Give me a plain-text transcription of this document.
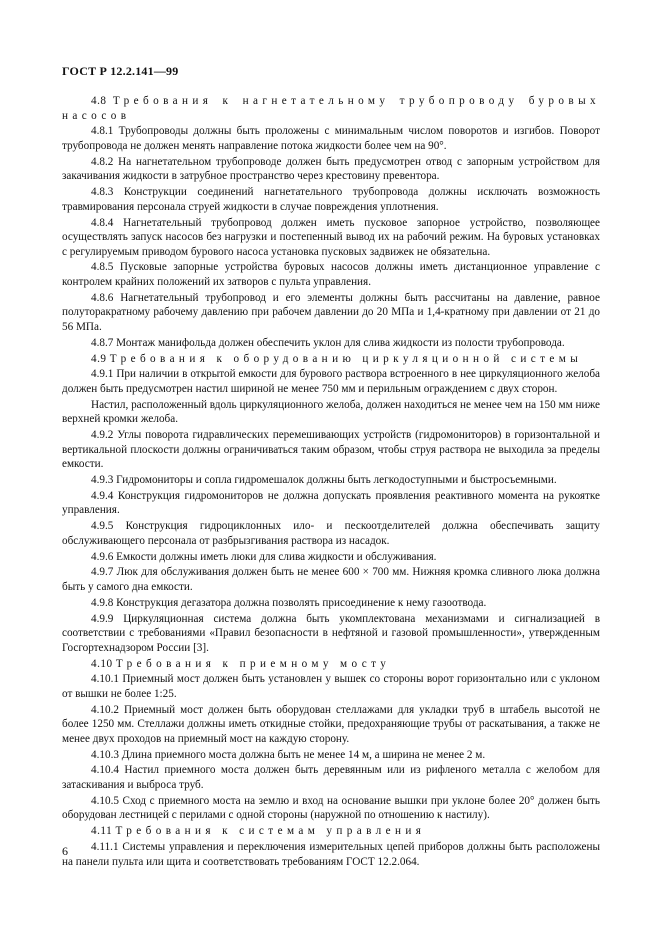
ГОСТ Р 12.2.141—99

4.8 Требования к нагнетательному трубопроводу буровых насосов

4.8.1 Трубопроводы должны быть проложены с минимальным числом поворотов и изгибов. Поворот трубопровода не должен менять направление потока жидкости более чем на 90°.

4.8.2 На нагнетательном трубопроводе должен быть предусмотрен отвод с запорным устройством для закачивания жидкости в затрубное пространство через крестовину превентора.

4.8.3 Конструкции соединений нагнетательного трубопровода должны исключать возможность травмирования персонала струей жидкости в случае повреждения уплотнения.

4.8.4 Нагнетательный трубопровод должен иметь пусковое запорное устройство, позволяющее осуществлять запуск насосов без нагрузки и постепенный вывод их на рабочий режим. На буровых установках с регулируемым приводом бурового насоса установка пусковых задвижек не обязательна.

4.8.5 Пусковые запорные устройства буровых насосов должны иметь дистанционное управление с контролем крайних положений их затворов с пульта управления.

4.8.6 Нагнетательный трубопровод и его элементы должны быть рассчитаны на давление, равное полуторакратному рабочему давлению при рабочем давлении до 20 МПа и 1,4-кратному при давлении от 21 до 56 МПа.

4.8.7 Монтаж манифольда должен обеспечить уклон для слива жидкости из полости трубопровода.

4.9 Требования к оборудованию циркуляционной системы

4.9.1 При наличии в открытой емкости для бурового раствора встроенного в нее циркуляционного желоба должен быть предусмотрен настил шириной не менее 750 мм и перильным ограждением с двух сторон.

Настил, расположенный вдоль циркуляционного желоба, должен находиться не менее чем на 150 мм ниже верхней кромки желоба.

4.9.2 Углы поворота гидравлических перемешивающих устройств (гидромониторов) в горизонтальной и вертикальной плоскости должны ограничиваться таким образом, чтобы струя раствора не выходила за пределы емкости.

4.9.3 Гидромониторы и сопла гидромешалок должны быть легкодоступными и быстросъемными.

4.9.4 Конструкция гидромониторов не должна допускать проявления реактивного момента на рукоятке управления.

4.9.5 Конструкция гидроциклонных ило- и пескоотделителей должна обеспечивать защиту обслуживающего персонала от разбрызгивания раствора из насадок.

4.9.6 Емкости должны иметь люки для слива жидкости и обслуживания.

4.9.7 Люк для обслуживания должен быть не менее 600 × 700 мм. Нижняя кромка сливного люка должна быть у самого дна емкости.

4.9.8 Конструкция дегазатора должна позволять присоединение к нему газоотвода.

4.9.9 Циркуляционная система должна быть укомплектована механизмами и сигнализацией в соответствии с требованиями «Правил безопасности в нефтяной и газовой промышленности», утвержденным Госгортехнадзором России [3].

4.10 Требования к приемному мосту

4.10.1 Приемный мост должен быть установлен у вышек со стороны ворот горизонтально или с уклоном от вышки не более 1:25.

4.10.2 Приемный мост должен быть оборудован стеллажами для укладки труб в штабель высотой не более 1250 мм. Стеллажи должны иметь откидные стойки, предохраняющие трубы от раскатывания, а также не менее двух проходов на приемный мост на каждую сторону.

4.10.3 Длина приемного моста должна быть не менее 14 м, а ширина не менее 2 м.

4.10.4 Настил приемного моста должен быть деревянным или из рифленого металла с желобом для затаскивания и выброса труб.

4.10.5 Сход с приемного моста на землю и вход на основание вышки при уклоне более 20° должен быть оборудован лестницей с перилами с одной стороны (наружной по отношению к настилу).

4.11 Требования к системам управления

4.11.1 Системы управления и переключения измерительных цепей приборов должны быть расположены на панели пульта или щита и соответствовать требованиям ГОСТ 12.2.064.

6
